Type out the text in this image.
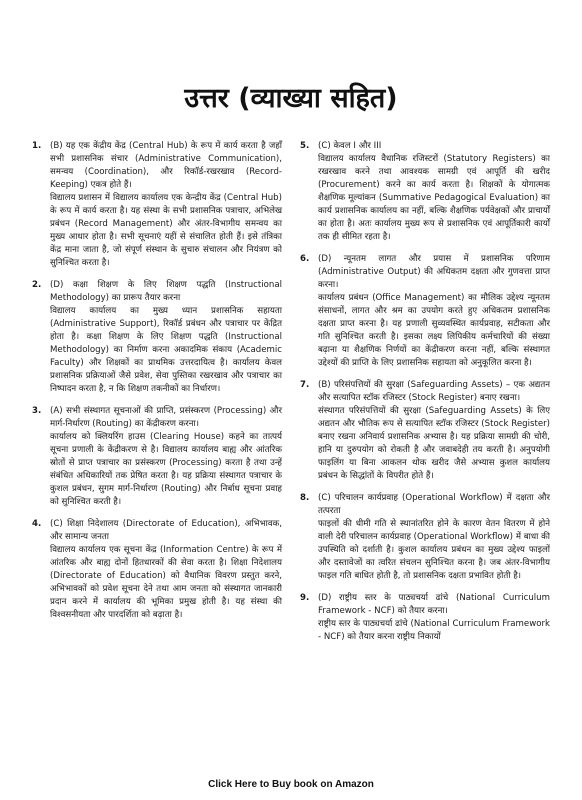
उत्तर (व्याख्या सहित)
1. (B) यह एक केंद्रीय केंद्र (Central Hub) के रूप में कार्य करता है जहाँ सभी प्रशासनिक संचार (Administrative Communication), समन्वय (Coordination), और रिकॉर्ड-रखरखाव (Record-Keeping) एकत्र होते हैं।

विद्यालय प्रशासन में विद्यालय कार्यालय एक केन्द्रीय केंद्र (Central Hub) के रूप में कार्य करता है। यह संस्था के सभी प्रशासनिक पत्राचार, अभिलेख प्रबंधन (Record Management) और अंतर-विभागीय समन्वय का मुख्य आधार होता है। सभी सूचनाएं यहीं से संचालित होती हैं। इसे तंत्रिका केंद्र माना जाता है, जो संपूर्ण संस्थान के सुचारु संचालन और नियंत्रण को सुनिश्चित करता है।

2. (D) कक्षा शिक्षण के लिए शिक्षण पद्धति (Instructional Methodology) का प्रारूप तैयार करना

विद्यालय कार्यालय का मुख्य ध्यान प्रशासनिक सहायता (Administrative Support), रिकॉर्ड प्रबंधन और पत्राचार पर केंद्रित होता है। कक्षा शिक्षण के लिए शिक्षण पद्धति (Instructional Methodology) का निर्माण करना अकादमिक संकाय (Academic Faculty) और शिक्षकों का प्राथमिक उत्तरदायित्व है। कार्यालय केवल प्रशासनिक प्रक्रियाओं जैसे प्रवेश, सेवा पुस्तिका रखरखाव और पत्राचार का निष्पादन करता है, न कि शिक्षण तकनीकों का निर्धारण।

3. (A) सभी संस्थागत सूचनाओं की प्राप्ति, प्रसंस्करण (Processing) और मार्ग-निर्धारण (Routing) का केंद्रीकरण करना।

कार्यालय को क्लियरिंग हाउस (Clearing House) कहने का तात्पर्य सूचना प्रणाली के केंद्रीकरण से है। विद्यालय कार्यालय बाह्य और आंतरिक स्रोतों से प्राप्त पत्राचार का प्रसंस्करण (Processing) करता है तथा उन्हें संबंधित अधिकारियों तक प्रेषित करता है। यह प्रक्रिया संस्थागत पत्राचार के कुशल प्रबंधन, सुगम मार्ग-निर्धारण (Routing) और निर्बाध सूचना प्रवाह को सुनिश्चित करती है।

4. (C) शिक्षा निदेशालय (Directorate of Education), अभिभावक, और सामान्य जनता

विद्यालय कार्यालय एक सूचना केंद्र (Information Centre) के रूप में आंतरिक और बाह्य दोनों हितधारकों की सेवा करता है। शिक्षा निदेशालय (Directorate of Education) को वैधानिक विवरण प्रस्तुत करने, अभिभावकों को प्रवेश सूचना देने तथा आम जनता को संस्थागत जानकारी प्रदान करने में कार्यालय की भूमिका प्रमुख होती है। यह संस्था की विश्वसनीयता और पारदर्शिता को बढ़ाता है।

5. (C) केवल I और III

विद्यालय कार्यालय वैधानिक रजिस्टरों (Statutory Registers) का रखरखाव करने तथा आवश्यक सामग्री एवं आपूर्ति की खरीद (Procurement) करने का कार्य करता है। शिक्षकों के योगात्मक शैक्षणिक मूल्यांकन (Summative Pedagogical Evaluation) का कार्य प्रशासनिक कार्यालय का नहीं, बल्कि शैक्षणिक पर्यवेक्षकों और प्राचार्यों का होता है। अतः कार्यालय मुख्य रूप से प्रशासनिक एवं आपूर्तिकारी कार्यों तक ही सीमित रहता है।

6. (D) न्यूनतम लागत और प्रयास में प्रशासनिक परिणाम (Administrative Output) की अधिकतम दक्षता और गुणवत्ता प्राप्त करना।

कार्यालय प्रबंधन (Office Management) का मौलिक उद्देश्य न्यूनतम संसाधनों, लागत और श्रम का उपयोग करते हुए अधिकतम प्रशासनिक दक्षता प्राप्त करना है। यह प्रणाली सुव्यवस्थित कार्यप्रवाह, सटीकता और गति सुनिश्चित करती है। इसका लक्ष्य लिपिकीय कर्मचारियों की संख्या बढ़ाना या शैक्षणिक निर्णयों का केंद्रीकरण करना नहीं, बल्कि संस्थागत उद्देश्यों की प्राप्ति के लिए प्रशासनिक सहायता को अनुकूलित करना है।

7. (B) परिसंपत्तियों की सुरक्षा (Safeguarding Assets) – एक अद्यतन और सत्यापित स्टॉक रजिस्टर (Stock Register) बनाए रखना।

संस्थागत परिसंपत्तियों की सुरक्षा (Safeguarding Assets) के लिए अद्यतन और भौतिक रूप से सत्यापित स्टॉक रजिस्टर (Stock Register) बनाए रखना अनिवार्य प्रशासनिक अभ्यास है। यह प्रक्रिया सामग्री की चोरी, हानि या दुरुपयोग को रोकती है और जवाबदेही तय करती है। अनुपयोगी फाइलिंग या बिना आकलन थोक खरीद जैसे अभ्यास कुशल कार्यालय प्रबंधन के सिद्धांतों के विपरीत होते हैं।

8. (C) परिचालन कार्यप्रवाह (Operational Workflow) में दक्षता और तत्परता

फाइलों की धीमी गति से स्थानांतरित होने के कारण वेतन वितरण में होने वाली देरी परिचालन कार्यप्रवाह (Operational Workflow) में बाधा की उपस्थिति को दर्शाती है। कुशल कार्यालय प्रबंधन का मुख्य उद्देश्य फाइलों और दस्तावेजों का त्वरित संचलन सुनिश्चित करना है। जब अंतर-विभागीय फाइल गति बाधित होती है, तो प्रशासनिक दक्षता प्रभावित होती है।

9. (D) राष्ट्रीय स्तर के पाठ्यचर्या ढांचे (National Curriculum Framework - NCF) को तैयार करना।

राष्ट्रीय स्तर के पाठ्यचर्या ढांचे (National Curriculum Framework - NCF) को तैयार करना राष्ट्रीय निकायों

Click Here to Buy book on Amazon
